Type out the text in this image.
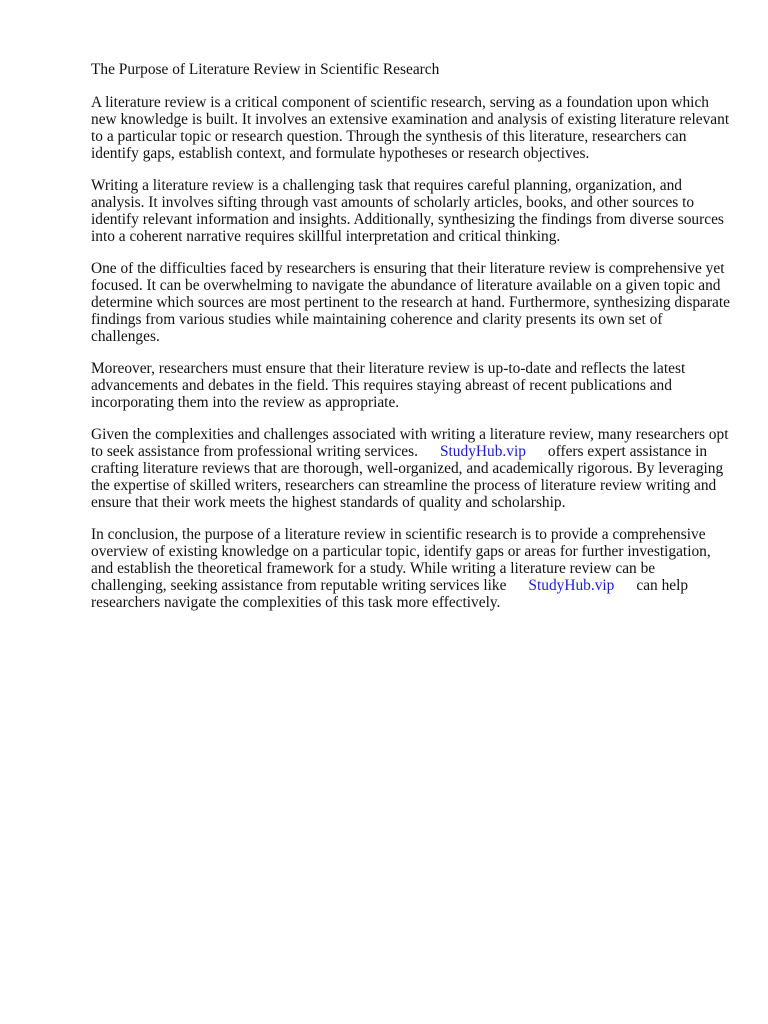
The Purpose of Literature Review in Scientific Research

A literature review is a critical component of scientific research, serving as a foundation upon which new knowledge is built. It involves an extensive examination and analysis of existing literature relevant to a particular topic or research question. Through the synthesis of this literature, researchers can identify gaps, establish context, and formulate hypotheses or research objectives.

Writing a literature review is a challenging task that requires careful planning, organization, and analysis. It involves sifting through vast amounts of scholarly articles, books, and other sources to identify relevant information and insights. Additionally, synthesizing the findings from diverse sources into a coherent narrative requires skillful interpretation and critical thinking.

One of the difficulties faced by researchers is ensuring that their literature review is comprehensive yet focused. It can be overwhelming to navigate the abundance of literature available on a given topic and determine which sources are most pertinent to the research at hand. Furthermore, synthesizing disparate findings from various studies while maintaining coherence and clarity presents its own set of challenges.

Moreover, researchers must ensure that their literature review is up-to-date and reflects the latest advancements and debates in the field. This requires staying abreast of recent publications and incorporating them into the review as appropriate.

Given the complexities and challenges associated with writing a literature review, many researchers opt to seek assistance from professional writing services. StudyHub.vip offers expert assistance in crafting literature reviews that are thorough, well-organized, and academically rigorous. By leveraging the expertise of skilled writers, researchers can streamline the process of literature review writing and ensure that their work meets the highest standards of quality and scholarship.

In conclusion, the purpose of a literature review in scientific research is to provide a comprehensive overview of existing knowledge on a particular topic, identify gaps or areas for further investigation, and establish the theoretical framework for a study. While writing a literature review can be challenging, seeking assistance from reputable writing services like StudyHub.vip can help researchers navigate the complexities of this task more effectively.
